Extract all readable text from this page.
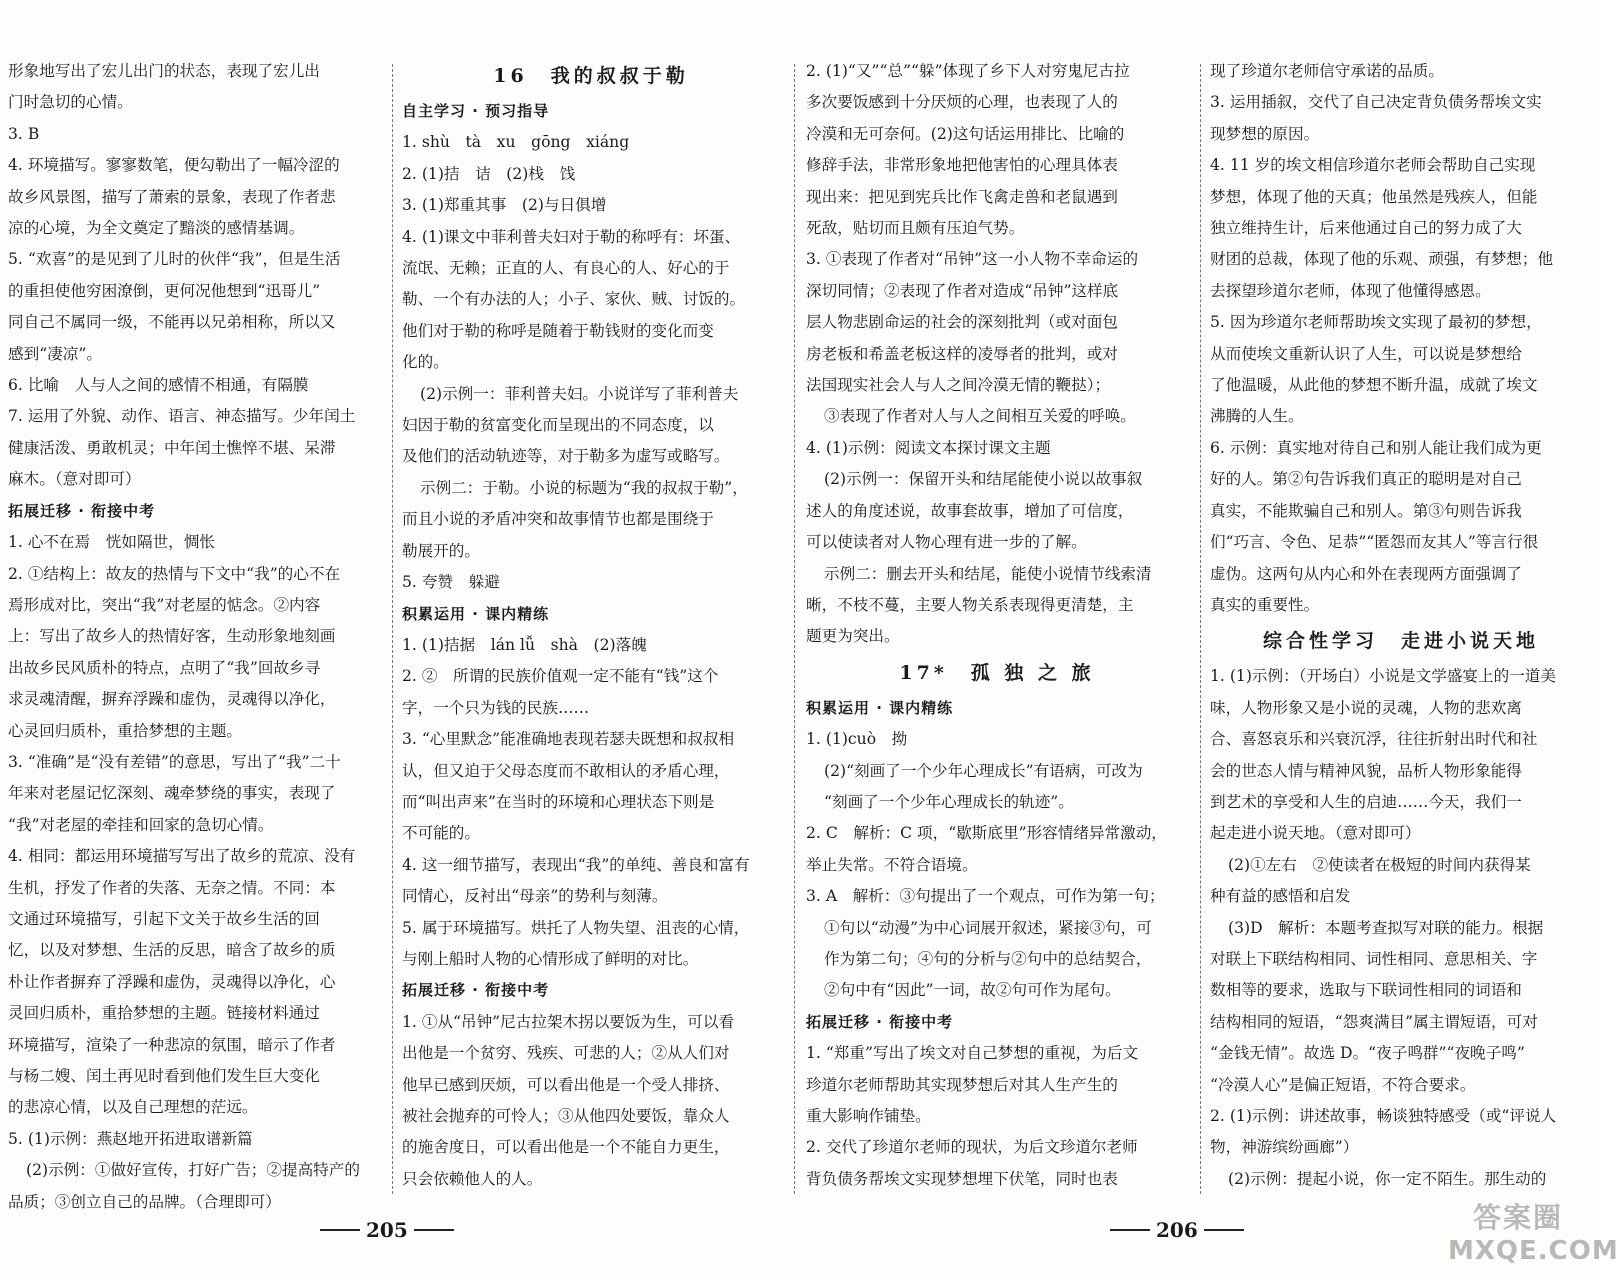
形象地写出了宏儿出门的状态，表现了宏儿出

门时急切的心情。

3. B

4. 环境描写。寥寥数笔，便勾勒出了一幅冷涩的

故乡风景图，描写了萧索的景象，表现了作者悲

凉的心境，为全文奠定了黯淡的感情基调。

5. “欢喜”的是见到了儿时的伙伴“我”，但是生活

的重担使他穷困潦倒，更何况他想到“迅哥儿”

同自己不属同一级，不能再以兄弟相称，所以又

感到“凄凉”。

6. 比喻　人与人之间的感情不相通，有隔膜

7. 运用了外貌、动作、语言、神态描写。少年闰土

健康活泼、勇敢机灵；中年闰土憔悴不堪、呆滞

麻木。（意对即可）

拓展迁移 · 衔接中考

1. 心不在焉　恍如隔世，惆怅

2. ①结构上：故友的热情与下文中“我”的心不在

焉形成对比，突出“我”对老屋的惦念。②内容

上：写出了故乡人的热情好客，生动形象地刻画

出故乡民风质朴的特点，点明了“我”回故乡寻

求灵魂清醒，摒弃浮躁和虚伪，灵魂得以净化，

心灵回归质朴，重拾梦想的主题。

3. “准确”是“没有差错”的意思，写出了“我”二十

年来对老屋记忆深刻、魂牵梦绕的事实，表现了

“我”对老屋的牵挂和回家的急切心情。

4. 相同：都运用环境描写写出了故乡的荒凉、没有

生机，抒发了作者的失落、无奈之情。不同：本

文通过环境描写，引起下文关于故乡生活的回

忆，以及对梦想、生活的反思，暗含了故乡的质

朴让作者摒弃了浮躁和虚伪，灵魂得以净化，心

灵回归质朴，重拾梦想的主题。链接材料通过

环境描写，渲染了一种悲凉的氛围，暗示了作者

与杨二嫂、闰土再见时看到他们发生巨大变化

的悲凉心情，以及自己理想的茫远。

5. (1)示例：燕赵地开拓进取谱新篇

(2)示例：①做好宣传，打好广告；②提高特产的

品质；③创立自己的品牌。（合理即可）

16　我的叔叔于勒

自主学习 · 预习指导

1. shù　tà　xu　gōng　xiáng

2. (1)拮　诘　(2)栈　饯

3. (1)郑重其事　(2)与日俱增

4. (1)课文中菲利普夫妇对于勒的称呼有：坏蛋、

流氓、无赖；正直的人、有良心的人、好心的于

勒、一个有办法的人；小子、家伙、贼、讨饭的。

他们对于勒的称呼是随着于勒钱财的变化而变

化的。

(2)示例一：菲利普夫妇。小说详写了菲利普夫

妇因于勒的贫富变化而呈现出的不同态度，以

及他们的活动轨迹等，对于勒多为虚写或略写。

示例二：于勒。小说的标题为“我的叔叔于勒”，

而且小说的矛盾冲突和故事情节也都是围绕于

勒展开的。

5. 夸赞　躲避

积累运用 · 课内精练

1. (1)拮据　lán lǚ　shà　(2)落魄

2. ②　所谓的民族价值观一定不能有“钱”这个

字，一个只为钱的民族……

3. “心里默念”能准确地表现若瑟夫既想和叔叔相

认，但又迫于父母态度而不敢相认的矛盾心理，

而“叫出声来”在当时的环境和心理状态下则是

不可能的。

4. 这一细节描写，表现出“我”的单纯、善良和富有

同情心，反衬出“母亲”的势利与刻薄。

5. 属于环境描写。烘托了人物失望、沮丧的心情，

与刚上船时人物的心情形成了鲜明的对比。

拓展迁移 · 衔接中考

1. ①从“吊钟”尼古拉架木拐以要饭为生，可以看

出他是一个贫穷、残疾、可悲的人；②从人们对

他早已感到厌烦，可以看出他是一个受人排挤、

被社会抛弃的可怜人；③从他四处要饭，靠众人

的施舍度日，可以看出他是一个不能自力更生，

只会依赖他人的人。

2. (1)“又”“总”“躲”体现了乡下人对穷鬼尼古拉

多次要饭感到十分厌烦的心理，也表现了人的

冷漠和无可奈何。(2)这句话运用排比、比喻的

修辞手法，非常形象地把他害怕的心理具体表

现出来：把见到宪兵比作飞禽走兽和老鼠遇到

死敌，贴切而且颇有压迫气势。

3. ①表现了作者对“吊钟”这一小人物不幸命运的

深切同情；②表现了作者对造成“吊钟”这样底

层人物悲剧命运的社会的深刻批判（或对面包

房老板和希盖老板这样的凌辱者的批判，或对

法国现实社会人与人之间冷漠无情的鞭挞）；

③表现了作者对人与人之间相互关爱的呼唤。

4. (1)示例：阅读文本探讨课文主题

(2)示例一：保留开头和结尾能使小说以故事叙

述人的角度述说，故事套故事，增加了可信度，

可以使读者对人物心理有进一步的了解。

示例二：删去开头和结尾，能使小说情节线索清

晰，不枝不蔓，主要人物关系表现得更清楚，主

题更为突出。

17*　孤 独 之 旅

积累运用 · 课内精练

1. (1)cuò　拗

(2)“刻画了一个少年心理成长”有语病，可改为

“刻画了一个少年心理成长的轨迹”。

2. C　解析：C 项，“歇斯底里”形容情绪异常激动，

举止失常。不符合语境。

3. A　解析：③句提出了一个观点，可作为第一句；

①句以“动漫”为中心词展开叙述，紧接③句，可

作为第二句；④句的分析与②句中的总结契合，

②句中有“因此”一词，故②句可作为尾句。

拓展迁移 · 衔接中考

1. “郑重”写出了埃文对自己梦想的重视，为后文

珍道尔老师帮助其实现梦想后对其人生产生的

重大影响作铺垫。

2. 交代了珍道尔老师的现状，为后文珍道尔老师

背负债务帮埃文实现梦想埋下伏笔，同时也表

现了珍道尔老师信守承诺的品质。

3. 运用插叙，交代了自己决定背负债务帮埃文实

现梦想的原因。

4. 11 岁的埃文相信珍道尔老师会帮助自己实现

梦想，体现了他的天真；他虽然是残疾人，但能

独立维持生计，后来他通过自己的努力成了大

财团的总裁，体现了他的乐观、顽强，有梦想；他

去探望珍道尔老师，体现了他懂得感恩。

5. 因为珍道尔老师帮助埃文实现了最初的梦想，

从而使埃文重新认识了人生，可以说是梦想给

了他温暖，从此他的梦想不断升温，成就了埃文

沸腾的人生。

6. 示例：真实地对待自己和别人能让我们成为更

好的人。第②句告诉我们真正的聪明是对自己

真实，不能欺骗自己和别人。第③句则告诉我

们“巧言、令色、足恭”“匿怨而友其人”等言行很

虚伪。这两句从内心和外在表现两方面强调了

真实的重要性。

综合性学习　走进小说天地

1. (1)示例：（开场白）小说是文学盛宴上的一道美

味，人物形象又是小说的灵魂，人物的悲欢离

合、喜怒哀乐和兴衰沉浮，往往折射出时代和社

会的世态人情与精神风貌，品析人物形象能得

到艺术的享受和人生的启迪……今天，我们一

起走进小说天地。（意对即可）

(2)①左右　②使读者在极短的时间内获得某

种有益的感悟和启发

(3)D　解析：本题考查拟写对联的能力。根据

对联上下联结构相同、词性相同、意思相关、字

数相等的要求，选取与下联词性相同的词语和

结构相同的短语，“怨爽满目”属主谓短语，可对

“金钱无情”。故选 D。“夜子鸣群”“夜晚子鸣”

“冷漠人心”是偏正短语，不符合要求。

2. (1)示例：讲述故事，畅谈独特感受（或“评说人

物，神游缤纷画廊”）

(2)示例：提起小说，你一定不陌生。那生动的

205	206	答案圈
MXQE.COM
